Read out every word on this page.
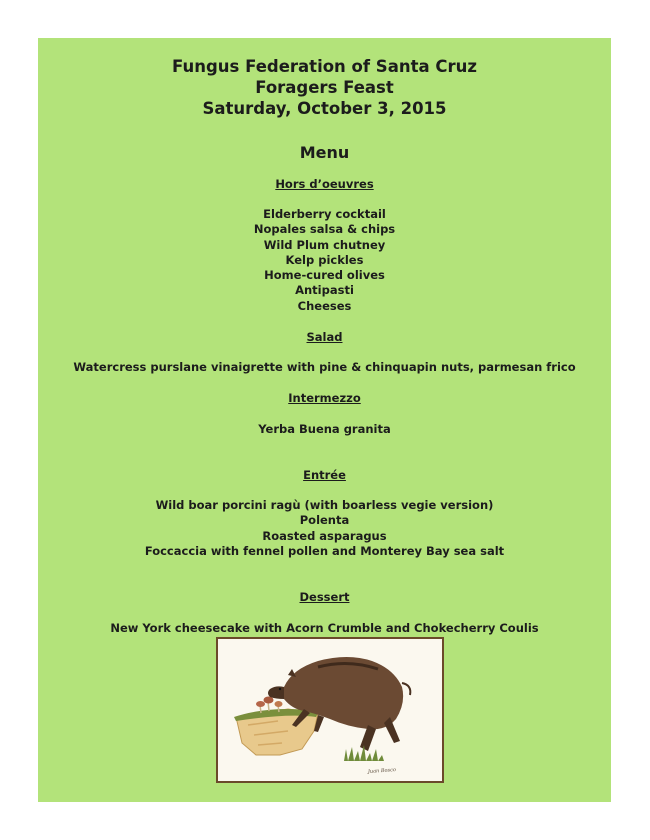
Fungus Federation of Santa Cruz
Foragers Feast
Saturday, October 3, 2015
Menu
Hors d’oeuvres
Elderberry cocktail
Nopales salsa & chips
Wild Plum chutney
Kelp pickles
Home-cured olives
Antipasti
Cheeses
Salad
Watercress purslane vinaigrette with pine & chinquapin nuts, parmesan frico
Intermezzo
Yerba Buena granita
Entrée
Wild boar porcini ragù (with boarless vegie version)
Polenta
Roasted asparagus
Foccaccia with fennel pollen and Monterey Bay sea salt
Dessert
New York cheesecake with Acorn Crumble and Chokecherry Coulis
Juan Bosco
